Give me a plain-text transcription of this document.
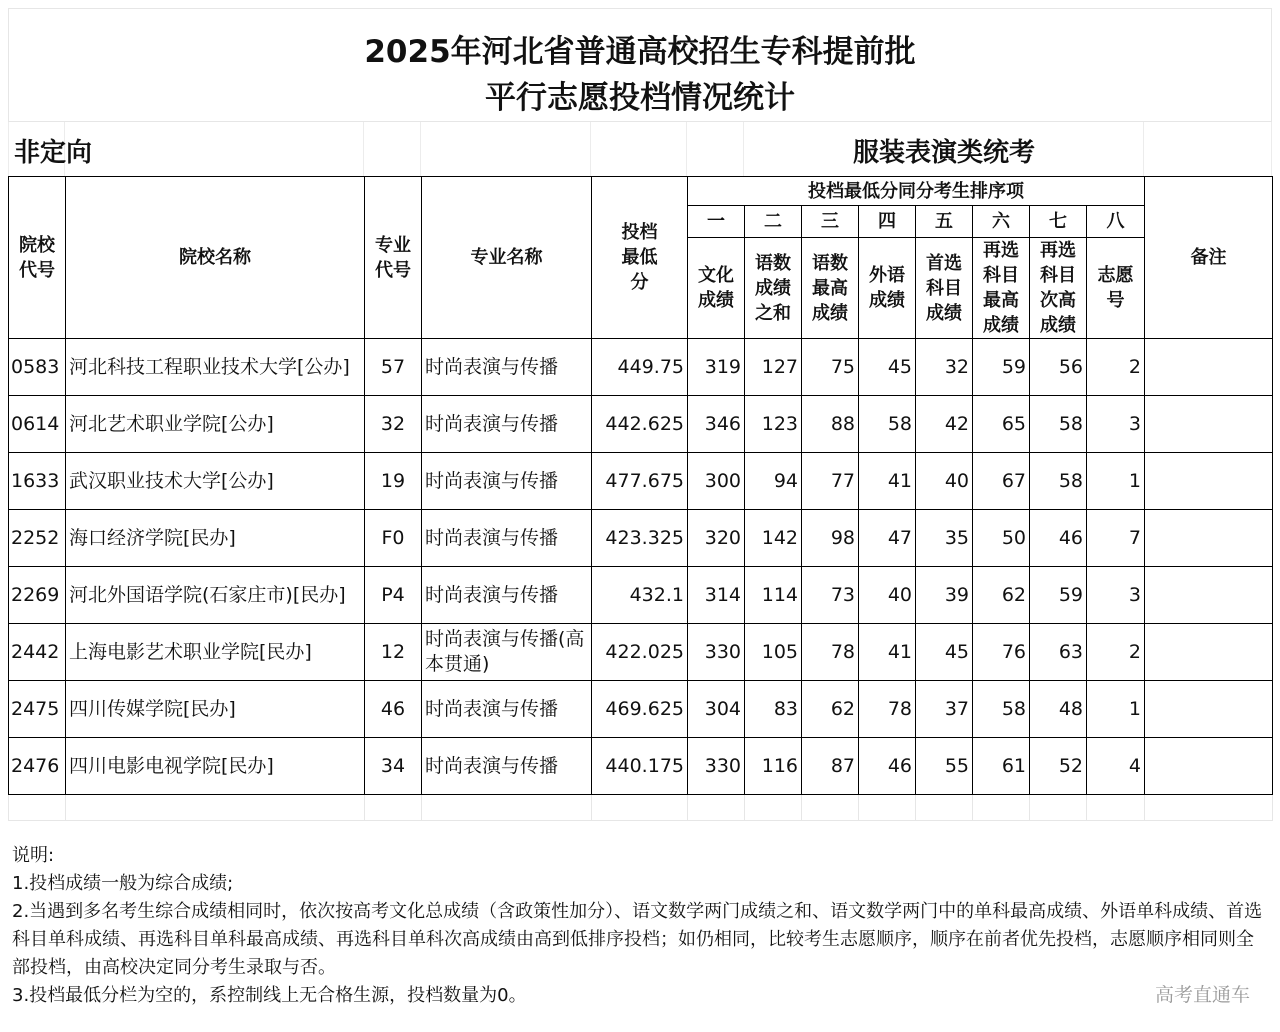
2025年河北省普通高校招生专科提前批
平行志愿投档情况统计
非定向	服装表演类统考
院校代号	院校名称	专业代号	专业名称	投档最低分	投档最低分同分考生排序项								备注
					一	二	三	四	五	六	七	八	
					文化成绩	语数成绩之和	语数最高成绩	外语成绩	首选科目成绩	再选科目最高成绩	再选科目次高成绩	志愿号	
0583	河北科技工程职业技术大学[公办]	57	时尚表演与传播	449.75	319	127	75	45	32	59	56	2	
0614	河北艺术职业学院[公办]	32	时尚表演与传播	442.625	346	123	88	58	42	65	58	3	
1633	武汉职业技术大学[公办]	19	时尚表演与传播	477.675	300	94	77	41	40	67	58	1	
2252	海口经济学院[民办]	F0	时尚表演与传播	423.325	320	142	98	47	35	50	46	7	
2269	河北外国语学院(石家庄市)[民办]	P4	时尚表演与传播	432.1	314	114	73	40	39	62	59	3	
2442	上海电影艺术职业学院[民办]	12	时尚表演与传播(高本贯通)	422.025	330	105	78	41	45	76	63	2	
2475	四川传媒学院[民办]	46	时尚表演与传播	469.625	304	83	62	78	37	58	48	1	
2476	四川电影电视学院[民办]	34	时尚表演与传播	440.175	330	116	87	46	55	61	52	4	

说明:
1.投档成绩一般为综合成绩;
2.当遇到多名考生综合成绩相同时，依次按高考文化总成绩（含政策性加分）、语文数学两门成绩之和、语文数学两门中的单科最高成绩、外语单科成绩、首选科目单科成绩、再选科目单科最高成绩、再选科目单科次高成绩由高到低排序投档；如仍相同，比较考生志愿顺序，顺序在前者优先投档，志愿顺序相同则全部投档，由高校决定同分考生录取与否。
3.投档最低分栏为空的，系控制线上无合格生源，投档数量为0。	高考直通车
